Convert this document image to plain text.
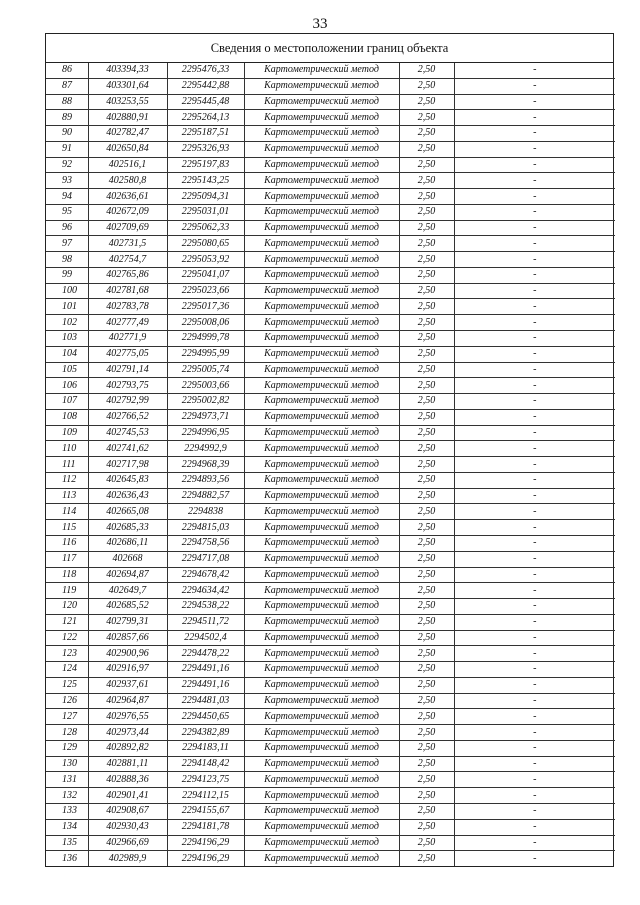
33
Сведения о местоположении границ объекта
86	403394,33	2295476,33	Картометрический метод	2,50	-
87	403301,64	2295442,88	Картометрический метод	2,50	-
88	403253,55	2295445,48	Картометрический метод	2,50	-
89	402880,91	2295264,13	Картометрический метод	2,50	-
90	402782,47	2295187,51	Картометрический метод	2,50	-
91	402650,84	2295326,93	Картометрический метод	2,50	-
92	402516,1	2295197,83	Картометрический метод	2,50	-
93	402580,8	2295143,25	Картометрический метод	2,50	-
94	402636,61	2295094,31	Картометрический метод	2,50	-
95	402672,09	2295031,01	Картометрический метод	2,50	-
96	402709,69	2295062,33	Картометрический метод	2,50	-
97	402731,5	2295080,65	Картометрический метод	2,50	-
98	402754,7	2295053,92	Картометрический метод	2,50	-
99	402765,86	2295041,07	Картометрический метод	2,50	-
100	402781,68	2295023,66	Картометрический метод	2,50	-
101	402783,78	2295017,36	Картометрический метод	2,50	-
102	402777,49	2295008,06	Картометрический метод	2,50	-
103	402771,9	2294999,78	Картометрический метод	2,50	-
104	402775,05	2294995,99	Картометрический метод	2,50	-
105	402791,14	2295005,74	Картометрический метод	2,50	-
106	402793,75	2295003,66	Картометрический метод	2,50	-
107	402792,99	2295002,82	Картометрический метод	2,50	-
108	402766,52	2294973,71	Картометрический метод	2,50	-
109	402745,53	2294996,95	Картометрический метод	2,50	-
110	402741,62	2294992,9	Картометрический метод	2,50	-
111	402717,98	2294968,39	Картометрический метод	2,50	-
112	402645,83	2294893,56	Картометрический метод	2,50	-
113	402636,43	2294882,57	Картометрический метод	2,50	-
114	402665,08	2294838	Картометрический метод	2,50	-
115	402685,33	2294815,03	Картометрический метод	2,50	-
116	402686,11	2294758,56	Картометрический метод	2,50	-
117	402668	2294717,08	Картометрический метод	2,50	-
118	402694,87	2294678,42	Картометрический метод	2,50	-
119	402649,7	2294634,42	Картометрический метод	2,50	-
120	402685,52	2294538,22	Картометрический метод	2,50	-
121	402799,31	2294511,72	Картометрический метод	2,50	-
122	402857,66	2294502,4	Картометрический метод	2,50	-
123	402900,96	2294478,22	Картометрический метод	2,50	-
124	402916,97	2294491,16	Картометрический метод	2,50	-
125	402937,61	2294491,16	Картометрический метод	2,50	-
126	402964,87	2294481,03	Картометрический метод	2,50	-
127	402976,55	2294450,65	Картометрический метод	2,50	-
128	402973,44	2294382,89	Картометрический метод	2,50	-
129	402892,82	2294183,11	Картометрический метод	2,50	-
130	402881,11	2294148,42	Картометрический метод	2,50	-
131	402888,36	2294123,75	Картометрический метод	2,50	-
132	402901,41	2294112,15	Картометрический метод	2,50	-
133	402908,67	2294155,67	Картометрический метод	2,50	-
134	402930,43	2294181,78	Картометрический метод	2,50	-
135	402966,69	2294196,29	Картометрический метод	2,50	-
136	402989,9	2294196,29	Картометрический метод	2,50	-
